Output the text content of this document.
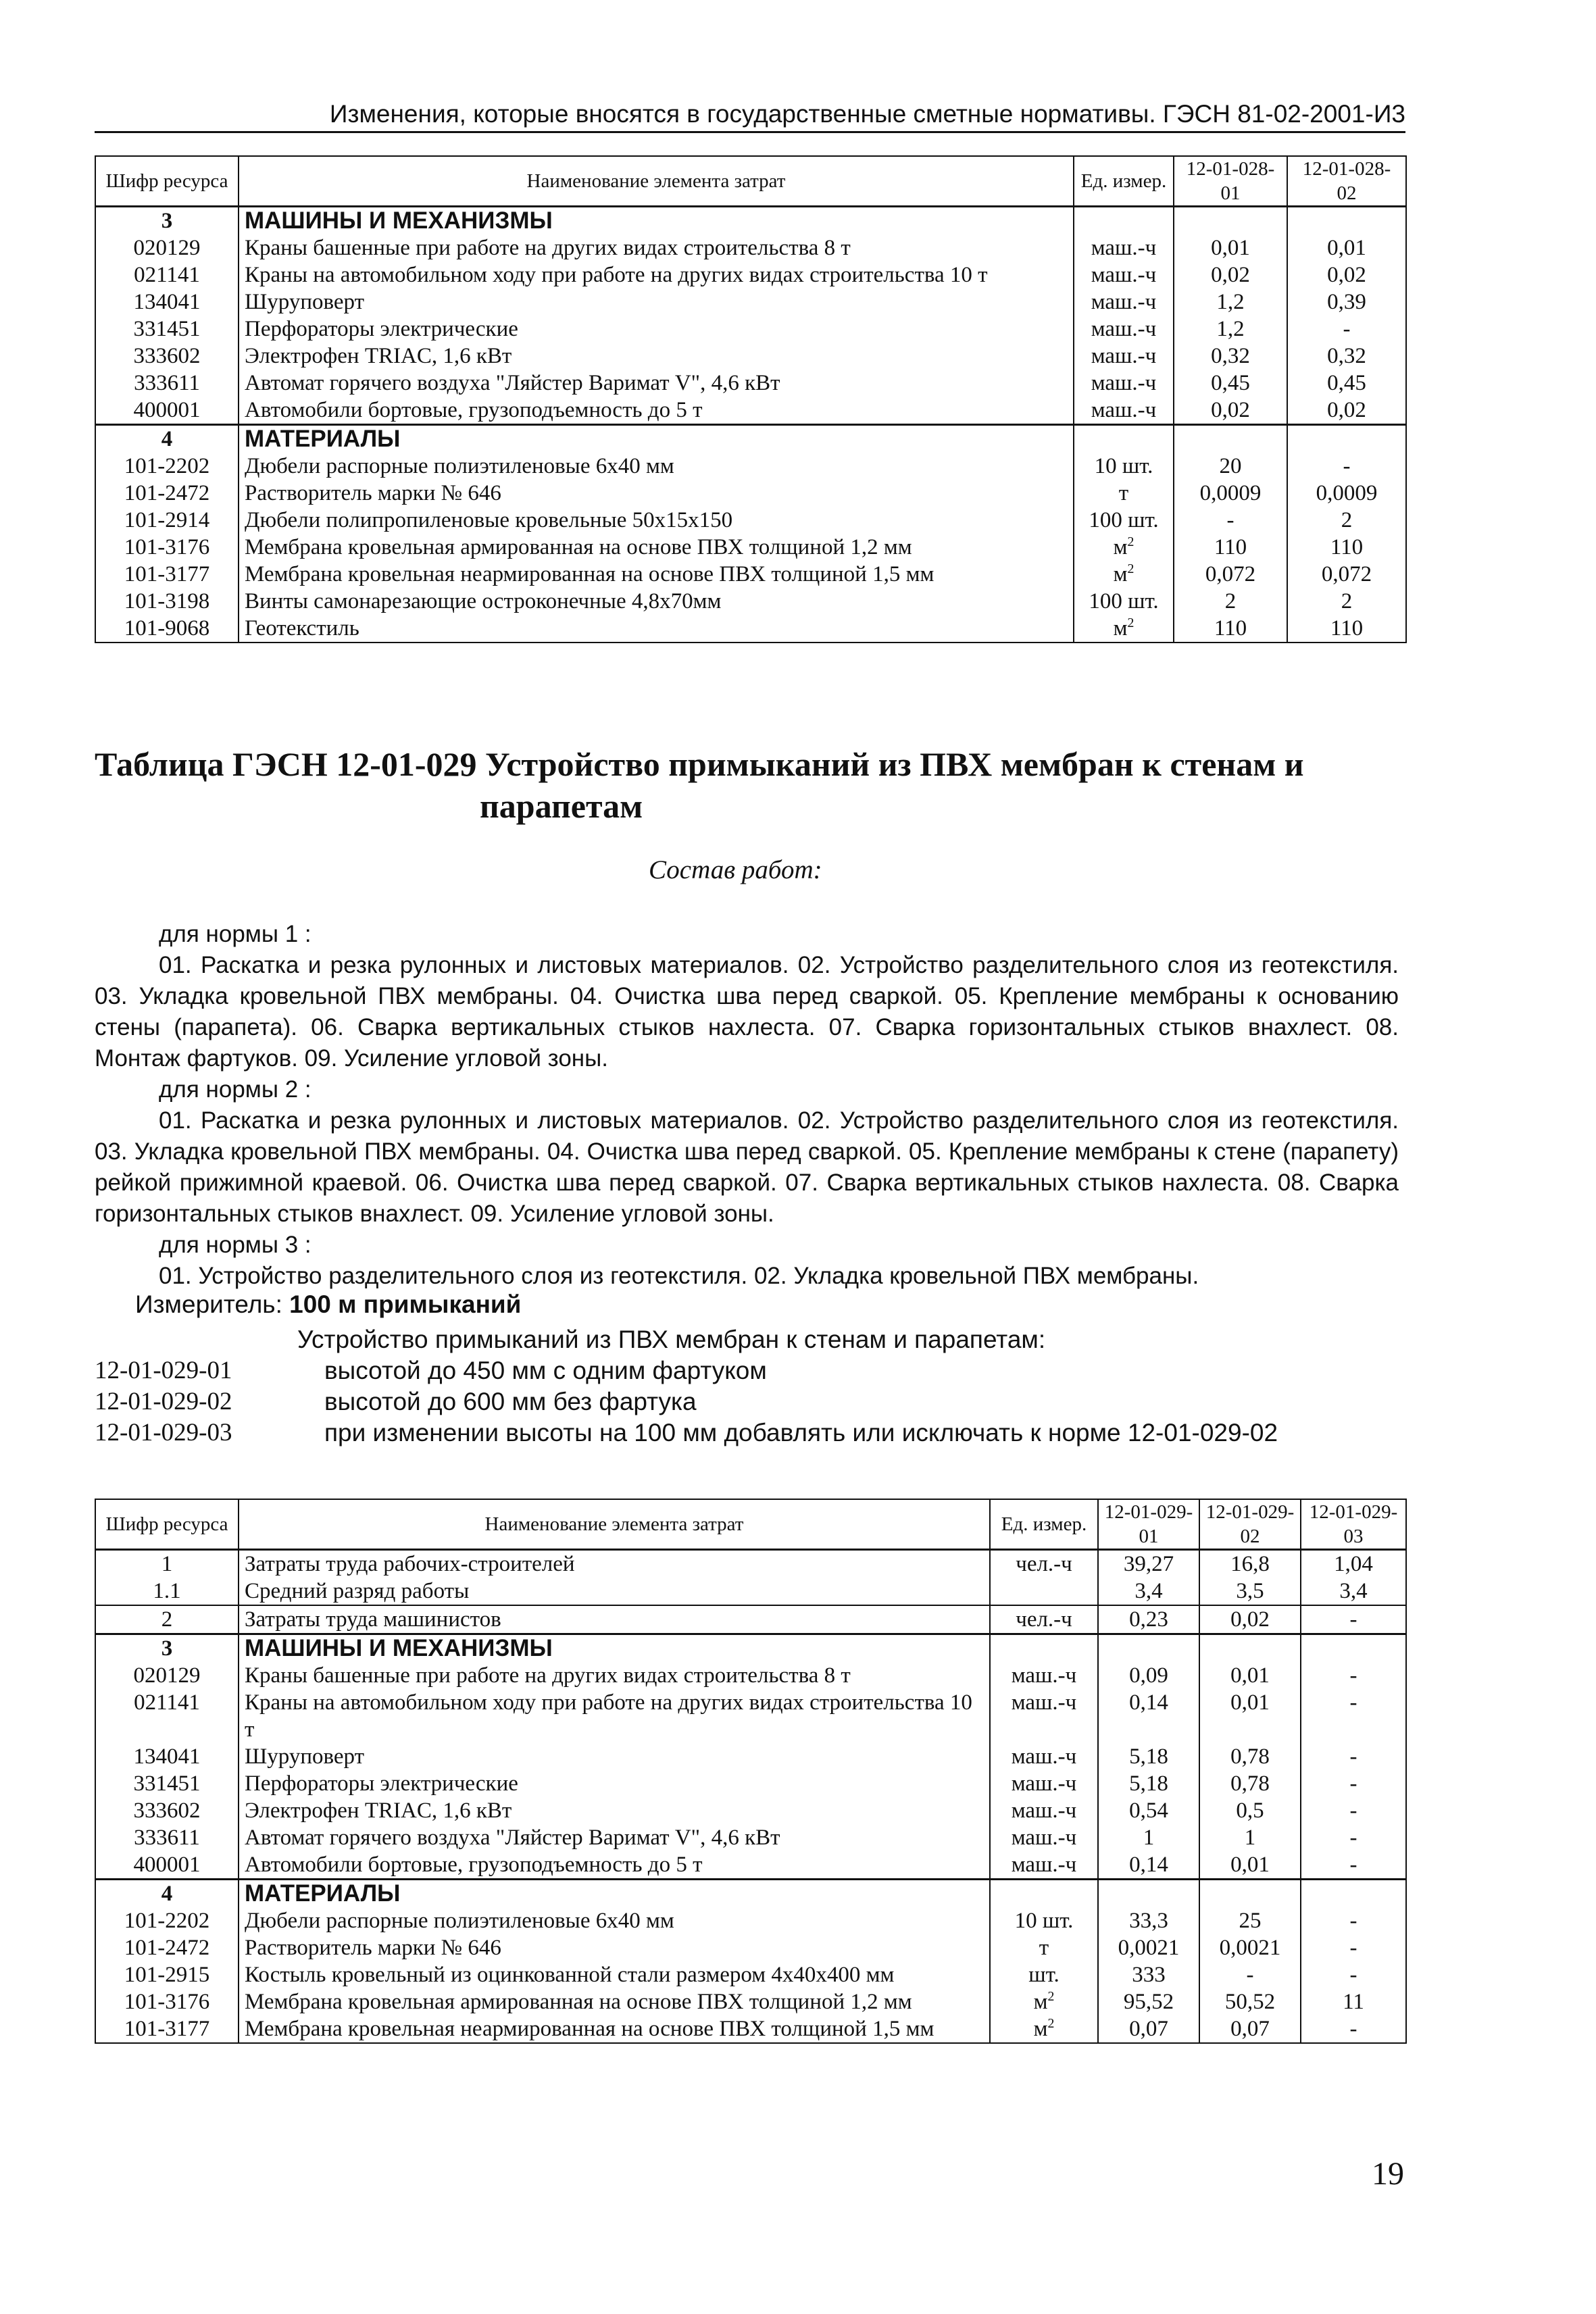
Изменения, которые вносятся в государственные сметные нормативы. ГЭСН 81-02-2001-И3
Шифр ресурса	Наименование элемента затрат	Ед. измер.	12-01-028-01	12-01-028-02
3	МАШИНЫ И МЕХАНИЗМЫ			
020129	Краны башенные при работе на других видах строительства 8 т	маш.-ч	0,01	0,01
021141	Краны на автомобильном ходу при работе на других видах строительства 10 т	маш.-ч	0,02	0,02
134041	Шуруповерт	маш.-ч	1,2	0,39
331451	Перфораторы электрические	маш.-ч	1,2	-
333602	Электрофен TRIAC, 1,6 кВт	маш.-ч	0,32	0,32
333611	Автомат горячего воздуха "Ляйстер Варимат V", 4,6 кВт	маш.-ч	0,45	0,45
400001	Автомобили бортовые, грузоподъемность до 5 т	маш.-ч	0,02	0,02
4	МАТЕРИАЛЫ			
101-2202	Дюбели распорные полиэтиленовые 6х40 мм	10 шт.	20	-
101-2472	Растворитель марки № 646	т	0,0009	0,0009
101-2914	Дюбели полипропиленовые кровельные 50х15х150	100 шт.	-	2
101-3176	Мембрана кровельная армированная на основе ПВХ толщиной 1,2 мм	$м^2$	110	110
101-3177	Мембрана кровельная неармированная на основе ПВХ толщиной 1,5 мм	$м^2$	0,072	0,072
101-3198	Винты самонарезающие остроконечные 4,8х70мм	100 шт.	2	2
101-9068	Геотекстиль	$м^2$	110	110
Таблица ГЭСН 12-01-029 Устройство примыканий из ПВХ мембран к стенам и
парапетам
Состав работ:
для нормы 1 :

01. Раскатка и резка рулонных и листовых материалов. 02. Устройство разделительного слоя из геотекстиля. 03. Укладка кровельной ПВХ мембраны. 04. Очистка шва перед сваркой. 05. Крепление мембраны к основанию стены (парапета). 06. Сварка вертикальных стыков нахлеста. 07. Сварка горизонтальных стыков внахлест. 08. Монтаж фартуков. 09. Усиление угловой зоны.

для нормы 2 :

01. Раскатка и резка рулонных и листовых материалов. 02. Устройство разделительного слоя из геотекстиля. 03. Укладка кровельной ПВХ мембраны. 04. Очистка шва перед сваркой. 05. Крепление мембраны к стене (парапету) рейкой прижимной краевой. 06. Очистка шва перед сваркой. 07. Сварка вертикальных стыков нахлеста. 08. Сварка горизонтальных стыков внахлест. 09. Усиление угловой зоны.

для нормы 3 :

01. Устройство разделительного слоя из геотекстиля. 02. Укладка кровельной ПВХ мембраны.

Измеритель: 100 м примыканий
Устройство примыканий из ПВХ мембран к стенам и парапетам:
12-01-029-01	высотой до 450 мм с одним фартуком
12-01-029-02	высотой до 600 мм без фартука
12-01-029-03	при изменении высоты на 100 мм добавлять или исключать к норме 12-01-029-02
Шифр ресурса	Наименование элемента затрат	Ед. измер.	12-01-029-01	12-01-029-02	12-01-029-03
1	Затраты труда рабочих-строителей	чел.-ч	39,27	16,8	1,04
1.1	Средний разряд работы		3,4	3,5	3,4
2	Затраты труда машинистов	чел.-ч	0,23	0,02	-
3	МАШИНЫ И МЕХАНИЗМЫ				
020129	Краны башенные при работе на других видах строительства 8 т	маш.-ч	0,09	0,01	-
021141	Краны на автомобильном ходу при работе на других видах строительства 10 т	маш.-ч	0,14	0,01	-
134041	Шуруповерт	маш.-ч	5,18	0,78	-
331451	Перфораторы электрические	маш.-ч	5,18	0,78	-
333602	Электрофен TRIAC, 1,6 кВт	маш.-ч	0,54	0,5	-
333611	Автомат горячего воздуха "Ляйстер Варимат V", 4,6 кВт	маш.-ч	1	1	-
400001	Автомобили бортовые, грузоподъемность до 5 т	маш.-ч	0,14	0,01	-
4	МАТЕРИАЛЫ				
101-2202	Дюбели распорные полиэтиленовые 6х40 мм	10 шт.	33,3	25	-
101-2472	Растворитель марки № 646	т	0,0021	0,0021	-
101-2915	Костыль кровельный из оцинкованной стали размером 4х40х400 мм	шт.	333	-	-
101-3176	Мембрана кровельная армированная на основе ПВХ толщиной 1,2 мм	$м^2$	95,52	50,52	11
101-3177	Мембрана кровельная неармированная на основе ПВХ толщиной 1,5 мм	$м^2$	0,07	0,07	-
19
